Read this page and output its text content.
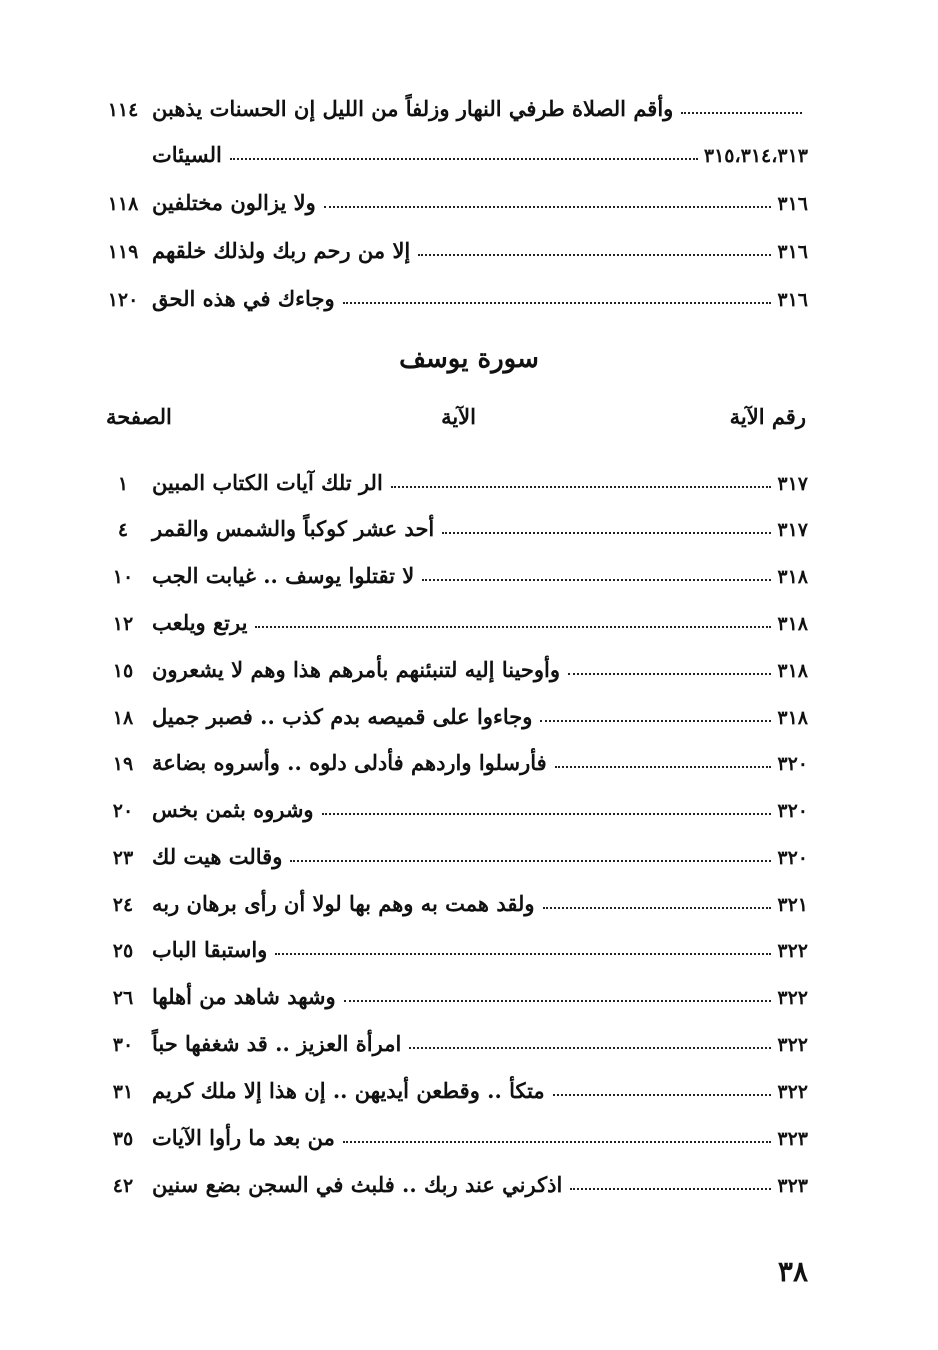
١١٤ وأقم الصلاة طرفي النهار وزلفاً من الليل إن الحسنات يذهبن
السيئات	٣١٥،٣١٤،٣١٣
١١٨ ولا يزالون مختلفين	٣١٦
١١٩ إلا من رحم ربك ولذلك خلقهم	٣١٦
١٢٠ وجاءك في هذه الحق	٣١٦
سورة يوسف
رقم الآية
الآية
الصفحة
١	الر تلك آيات الكتاب المبين	٣١٧
٤	أحد عشر كوكباً والشمس والقمر	٣١٧
١٠ لا تقتلوا يوسف .. غيابت الجب	٣١٨
١٢ يرتع ويلعب	٣١٨
١٥ وأوحينا إليه لتنبئنهم بأمرهم هذا وهم لا يشعرون	٣١٨
١٨ وجاءوا على قميصه بدم كذب .. فصبر جميل	٣١٨
١٩ فأرسلوا واردهم فأدلى دلوه .. وأسروه بضاعة	٣٢٠
٢٠ وشروه بثمن بخس	٣٢٠
٢٣ وقالت هيت لك	٣٢٠
٢٤ ولقد همت به وهم بها لولا أن رأى برهان ربه	٣٢١
٢٥ واستبقا الباب	٣٢٢
٢٦ وشهد شاهد من أهلها	٣٢٢
٣٠ امرأة العزيز .. قد شغفها حباً	٣٢٢
٣١ متكأ .. وقطعن أيديهن .. إن هذا إلا ملك كريم	٣٢٢
٣٥ من بعد ما رأوا الآيات	٣٢٣
٤٢ اذكرني عند ربك .. فلبث في السجن بضع سنين	٣٢٣
٣٨
